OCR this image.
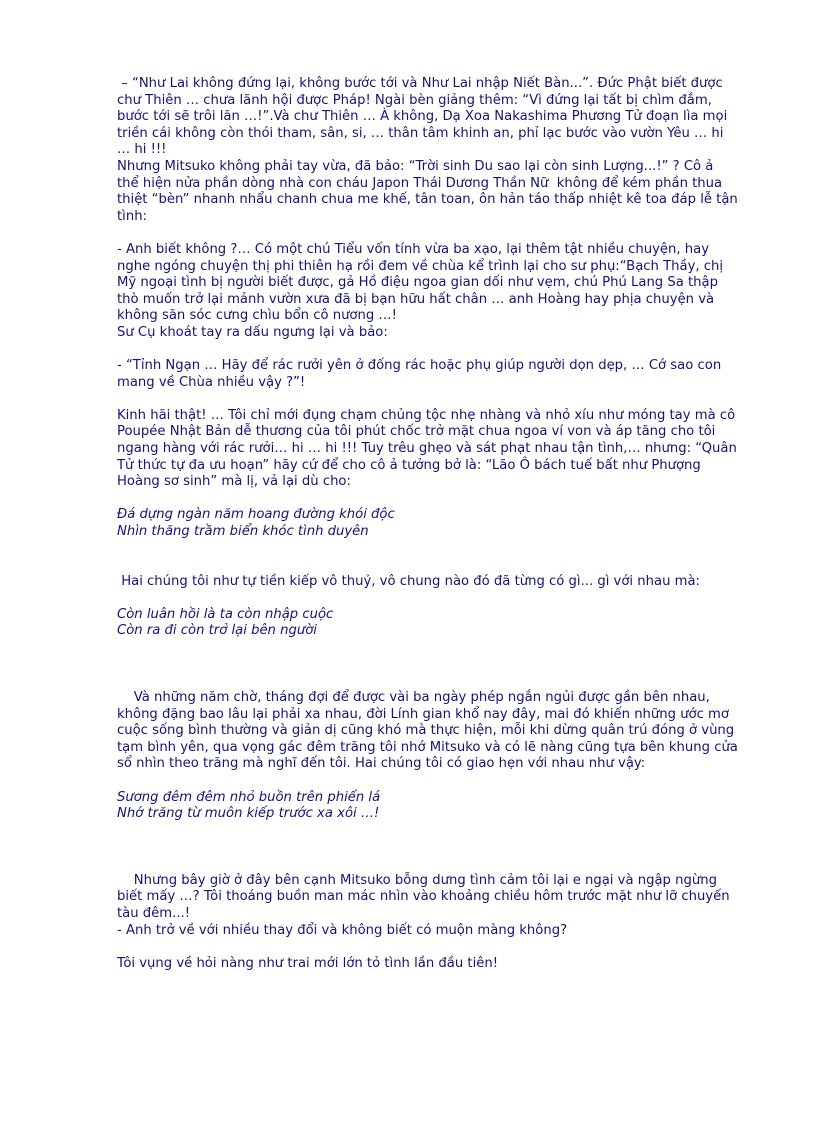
– “Như Lai không đứng lại, không bước tới và Như Lai nhập Niết Bàn...”. Đức Phật biết được chư Thiên … chưa lãnh hội được Pháp! Ngài bèn giảng thêm: “Vì đứng lại tất bị chìm đắm, bước tới sẽ trôi lăn …!”.Và chư Thiên … À không, Dạ Xoa Nakashima Phương Tử đoạn lìa mọi triền cái không còn thói tham, sân, si, … thân tâm khinh an, phỉ lạc bước vào vườn Yêu … hi … hi !!!

Nhưng Mitsuko không phải tay vừa, đã bảo: “Trời sinh Du sao lại còn sinh Lượng...!” ? Cô ả thể hiện nửa phần dòng nhà con cháu Japon Thái Dương Thần Nữ  không để kém phần thua thiệt “bèn” nhanh nhẩu chanh chua me khế, tân toan, ôn hản táo thấp nhiệt kê toa đáp lễ tận tình:

- Anh biết không ?… Có một chú Tiểu vốn tính vừa ba xạo, lại thêm tật nhiều chuyện, hay nghe ngóng chuyện thị phi thiên hạ rồi đem về chùa kể trình lại cho sư phụ:“Bạch Thầy, chị Mỹ ngoại tình bị người biết được, gả Hồ điệu ngoa gian dối như vẹm, chú Phú Lang Sa thập thò muốn trở lại mảnh vườn xưa đã bị bạn hữu hất chân … anh Hoàng hay phịa chuyện và không săn sóc cưng chìu bổn cô nương …!

Sư Cụ khoát tay ra dấu ngưng lại và bảo:

- “Tỉnh Ngạn … Hãy để rác rưởi yên ở đống rác hoặc phụ giúp người dọn dẹp, … Cớ sao con mang về Chùa nhiều vậy ?”!

Kinh hãi thật! … Tôi chỉ mới đụng chạm chủng tộc nhẹ nhàng và nhỏ xíu như móng tay mà cô Poupée Nhật Bản dễ thương của tôi phút chốc trở mặt chua ngoa ví von và áp tăng cho tôi ngang hàng với rác rưởi… hi … hi !!! Tuy trêu ghẹo và sát phạt nhau tận tình,… nhưng: “Quân Tử thức tự đa ưu hoạn” hãy cứ để cho cô ả tưởng bở là: “Lão Ô bách tuế bất như Phượng Hoàng sơ sinh” mà lị, vả lại dù cho:

Đá dựng ngàn năm hoang đường khói độc

Nhìn thăng trầm biển khóc tình duyên

Hai chúng tôi như tự tiền kiếp vô thuỷ, vô chung nào đó đã từng có gì... gì với nhau mà:

Còn luân hồi là ta còn nhập cuộc

Còn ra đi còn trở lại bên người

Và những năm chờ, tháng đợi để được vài ba ngày phép ngắn ngủi được gần bên nhau, không đặng bao lâu lại phải xa nhau, đời Lính gian khổ nay đây, mai đó khiến những ước mơ cuộc sống bình thường và giản dị cũng khó mà thực hiện, mỗi khi dừng quân trú đóng ở vùng tạm bình yên, qua vọng gác đêm trăng tôi nhớ Mitsuko và có lẽ nàng cũng tựa bên khung cửa sổ nhìn theo trăng mà nghĩ đến tôi. Hai chúng tôi có giao hẹn với nhau như vậy:

Sương đêm đêm nhỏ buồn trên phiến lá

Nhớ trăng từ muôn kiếp trước xa xôi …!

Nhưng bây giờ ở đây bên cạnh Mitsuko bỗng dưng tình cảm tôi lại e ngại và ngập ngừng biết mấy …? Tôi thoáng buồn man mác nhìn vào khoảng chiều hôm trước mặt như lỡ chuyến tàu đêm...!

- Anh trở về với nhiều thay đổi và không biết có muộn màng không?

Tôi vụng về hỏi nàng như trai mới lớn tỏ tình lần đầu tiên!
